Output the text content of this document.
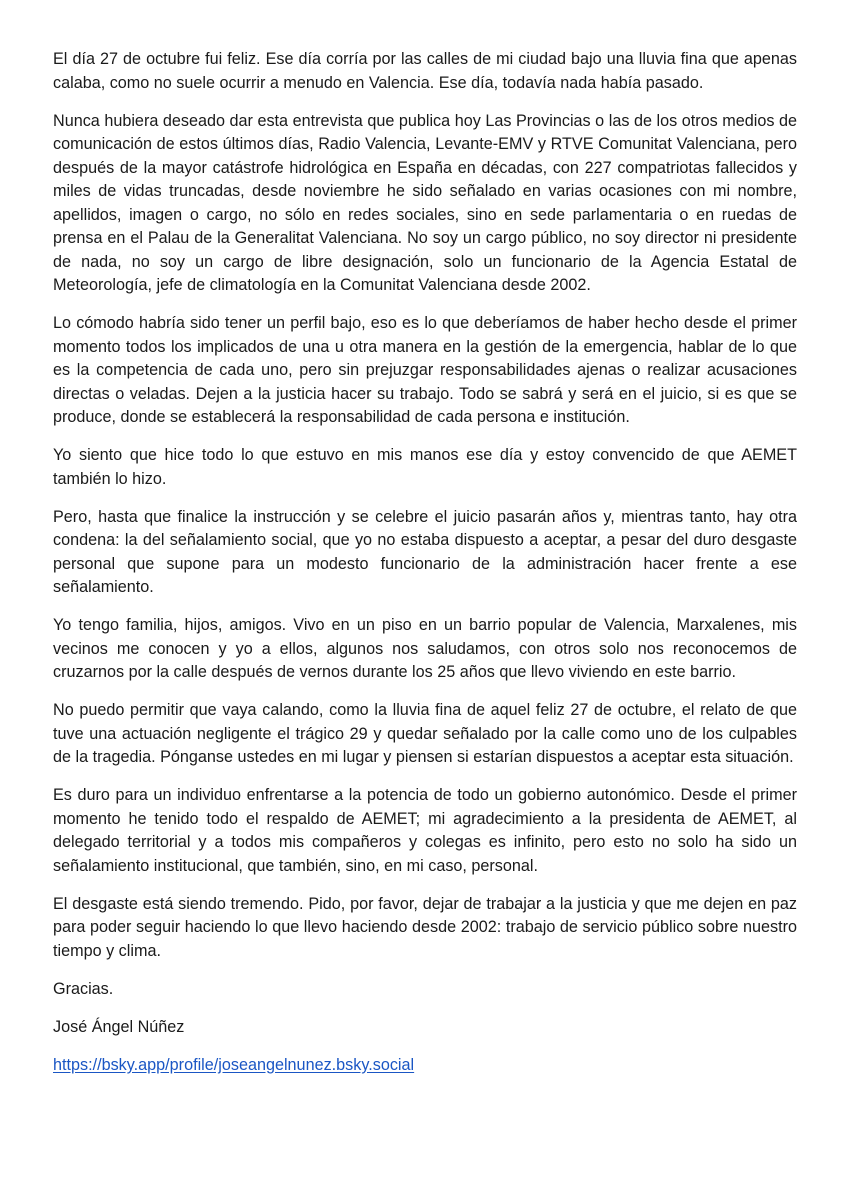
El día 27 de octubre fui feliz. Ese día corría por las calles de mi ciudad bajo una lluvia fina que apenas calaba, como no suele ocurrir a menudo en Valencia. Ese día, todavía nada había pasado.

Nunca hubiera deseado dar esta entrevista que publica hoy Las Provincias o las de los otros medios de comunicación de estos últimos días, Radio Valencia, Levante-EMV y RTVE Comunitat Valenciana, pero después de la mayor catástrofe hidrológica en España en décadas, con 227 compatriotas fallecidos y miles de vidas truncadas, desde noviembre he sido señalado en varias ocasiones con mi nombre, apellidos, imagen o cargo, no sólo en redes sociales, sino en sede parlamentaria o en ruedas de prensa en el Palau de la Generalitat Valenciana. No soy un cargo público, no soy director ni presidente de nada, no soy un cargo de libre designación, solo un funcionario de la Agencia Estatal de Meteorología, jefe de climatología en la Comunitat Valenciana desde 2002.

Lo cómodo habría sido tener un perfil bajo, eso es lo que deberíamos de haber hecho desde el primer momento todos los implicados de una u otra manera en la gestión de la emergencia, hablar de lo que es la competencia de cada uno, pero sin prejuzgar responsabilidades ajenas o realizar acusaciones directas o veladas. Dejen a la justicia hacer su trabajo. Todo se sabrá y será en el juicio, si es que se produce, donde se establecerá la responsabilidad de cada persona e institución.

Yo siento que hice todo lo que estuvo en mis manos ese día y estoy convencido de que AEMET también lo hizo.

Pero, hasta que finalice la instrucción y se celebre el juicio pasarán años y, mientras tanto, hay otra condena: la del señalamiento social, que yo no estaba dispuesto a aceptar, a pesar del duro desgaste personal que supone para un modesto funcionario de la administración hacer frente a ese señalamiento.

Yo tengo familia, hijos, amigos. Vivo en un piso en un barrio popular de Valencia, Marxalenes, mis vecinos me conocen y yo a ellos, algunos nos saludamos, con otros solo nos reconocemos de cruzarnos por la calle después de vernos durante los 25 años que llevo viviendo en este barrio.

No puedo permitir que vaya calando, como la lluvia fina de aquel feliz 27 de octubre, el relato de que tuve una actuación negligente el trágico 29 y quedar señalado por la calle como uno de los culpables de la tragedia. Pónganse ustedes en mi lugar y piensen si estarían dispuestos a aceptar esta situación.

Es duro para un individuo enfrentarse a la potencia de todo un gobierno autonómico. Desde el primer momento he tenido todo el respaldo de AEMET; mi agradecimiento a la presidenta de AEMET, al delegado territorial y a todos mis compañeros y colegas es infinito, pero esto no solo ha sido un señalamiento institucional, que también, sino, en mi caso, personal.

El desgaste está siendo tremendo. Pido, por favor, dejar de trabajar a la justicia y que me dejen en paz para poder seguir haciendo lo que llevo haciendo desde 2002: trabajo de servicio público sobre nuestro tiempo y clima.

Gracias.

José Ángel Núñez

https://bsky.app/profile/joseangelnunez.bsky.social
